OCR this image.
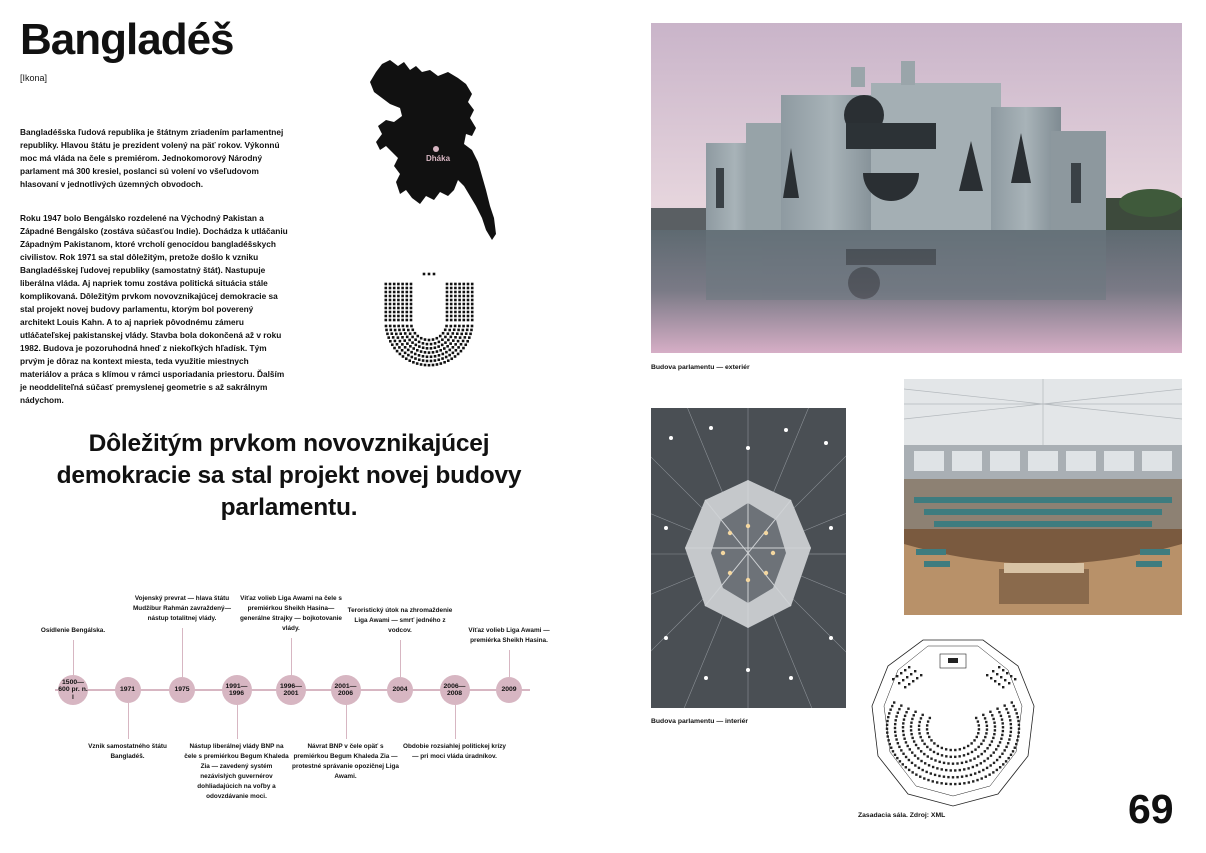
Bangladéš
[Ikona]

Bangladéšska ľudová republika je štátnym zriadením parlamentnej republiky. Hlavou štátu je prezident volený na päť rokov. Výkonnú moc má vláda na čele s premiérom. Jednokomorový Národný parlament má 300 kresiel, poslanci sú volení vo všeľudovom hlasovaní v jednotlivých územných obvodoch.

Roku 1947 bolo Bengálsko rozdelené na Východný Pakistan a Západné Bengálsko (zostáva súčasťou Indie). Dochádza k utláčaniu Západným Pakistanom, ktoré vrcholí genocídou bangladéšskych civilistov. Rok 1971 sa stal dôležitým, pretože došlo k vzniku Bangladéšskej ľudovej republiky (samostatný štát). Nastupuje liberálna vláda. Aj napriek tomu zostáva politická situácia stále komplikovaná. Dôležitým prvkom novovznikajúcej demokracie sa stal projekt novej budovy parlamentu, ktorým bol poverený architekt Louis Kahn. A to aj napriek pôvodnému zámeru utláčateľskej pakistanskej vlády. Stavba bola dokončená až v roku 1982. Budova je pozoruhodná hneď z niekoľkých hľadísk. Tým prvým je dôraz na kontext miesta, teda využitie miestnych materiálov a práca s klímou v rámci usporiadania priestoru. Ďalším je neoddeliteľná súčasť premyslenej geometrie s až sakrálnym nádychom.

Dháka
Dôležitým prvkom novovznikajúcej demokracie sa stal projekt novej budovy parlamentu.
1500—600 pr. n. l
Osídlenie Bengálska.
1971
Vznik samostatného štátu Bangladéš.
1975
Vojenský prevrat — hlava štátu Mudžíbur Rahmán zavraždený— nástup totalitnej vlády.
1991—1996
Nástup liberálnej vlády BNP na čele s premiérkou Begum Khaleda Zia — zavedený systém nezávislých guvernérov dohliadajúcich na voľby a odovzdávanie moci.
1996—2001
Víťaz volieb Liga Awami na čele s premiérkou Sheikh Hasina— generálne štrajky — bojkotovanie vlády.
2001—2006
Návrat BNP v čele opäť s premiérkou Begum Khaleda Zia — protestné správanie opozičnej Liga Awami.
2004
Teroristický útok na zhromaždenie Liga Awami — smrť jedného z vodcov.
2006—2008
Obdobie rozsiahlej politickej krízy — pri moci vláda úradníkov.
2009
Víťaz volieb Liga Awami — premiérka Sheikh Hasina.
Budova parlamentu — exteriér
Budova parlamentu — interiér
Zasadacia sála. Zdroj: XML	69
